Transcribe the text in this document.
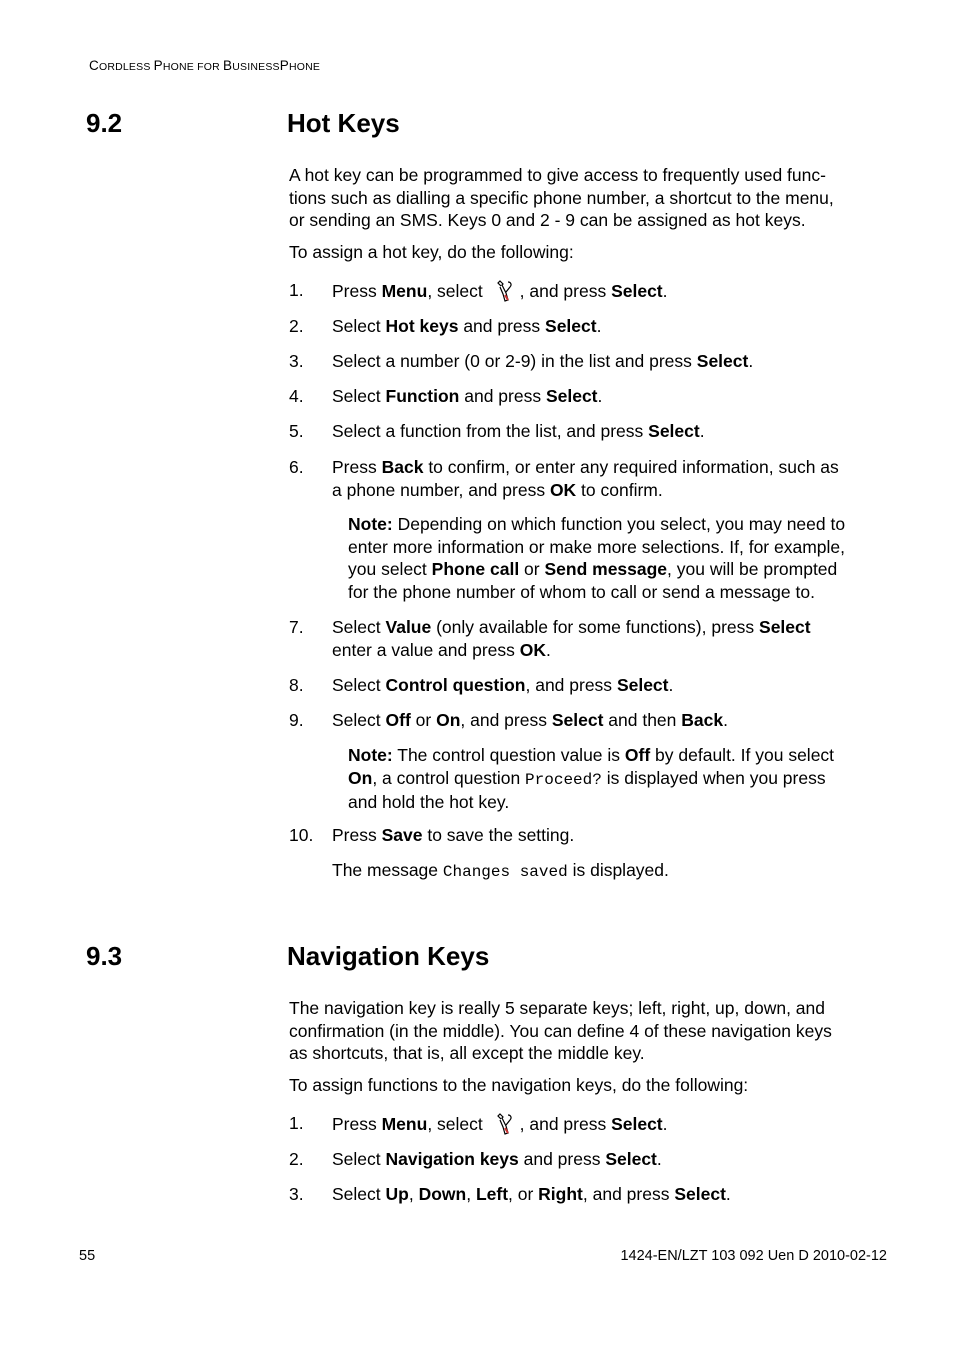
CORDLESS PHONE FOR BUSINESSPHONE
9.2	Hot Keys
A hot key can be programmed to give access to frequently used func-
tions such as dialling a specific phone number, a shortcut to the menu,
or sending an SMS. Keys 0 and 2 - 9 can be assigned as hot keys.
To assign a hot key, do the following:
1.	Press Menu, select , and press Select.
2.	Select Hot keys and press Select.
3.	Select a number (0 or 2-9) in the list and press Select.
4.	Select Function and press Select.
5.	Select a function from the list, and press Select.
6.	Press Back to confirm, or enter any required information, such as
a phone number, and press OK to confirm.
Note: Depending on which function you select, you may need to
enter more information or make more selections. If, for example,
you select Phone call or Send message, you will be prompted
for the phone number of whom to call or send a message to.
7.	Select Value (only available for some functions), press Select
enter a value and press OK.
8.	Select Control question, and press Select.
9.	Select Off or On, and press Select and then Back.
Note: The control question value is Off by default. If you select
On, a control question Proceed? is displayed when you press
and hold the hot key.
10.	Press Save to save the setting.
The message Changes saved is displayed.
9.3	Navigation Keys
The navigation key is really 5 separate keys; left, right, up, down, and
confirmation (in the middle). You can define 4 of these navigation keys
as shortcuts, that is, all except the middle key.
To assign functions to the navigation keys, do the following:
1.	Press Menu, select , and press Select.
2.	Select Navigation keys and press Select.
3.	Select Up, Down, Left, or Right, and press Select.
55	1424-EN/LZT 103 092 Uen D 2010-02-12
